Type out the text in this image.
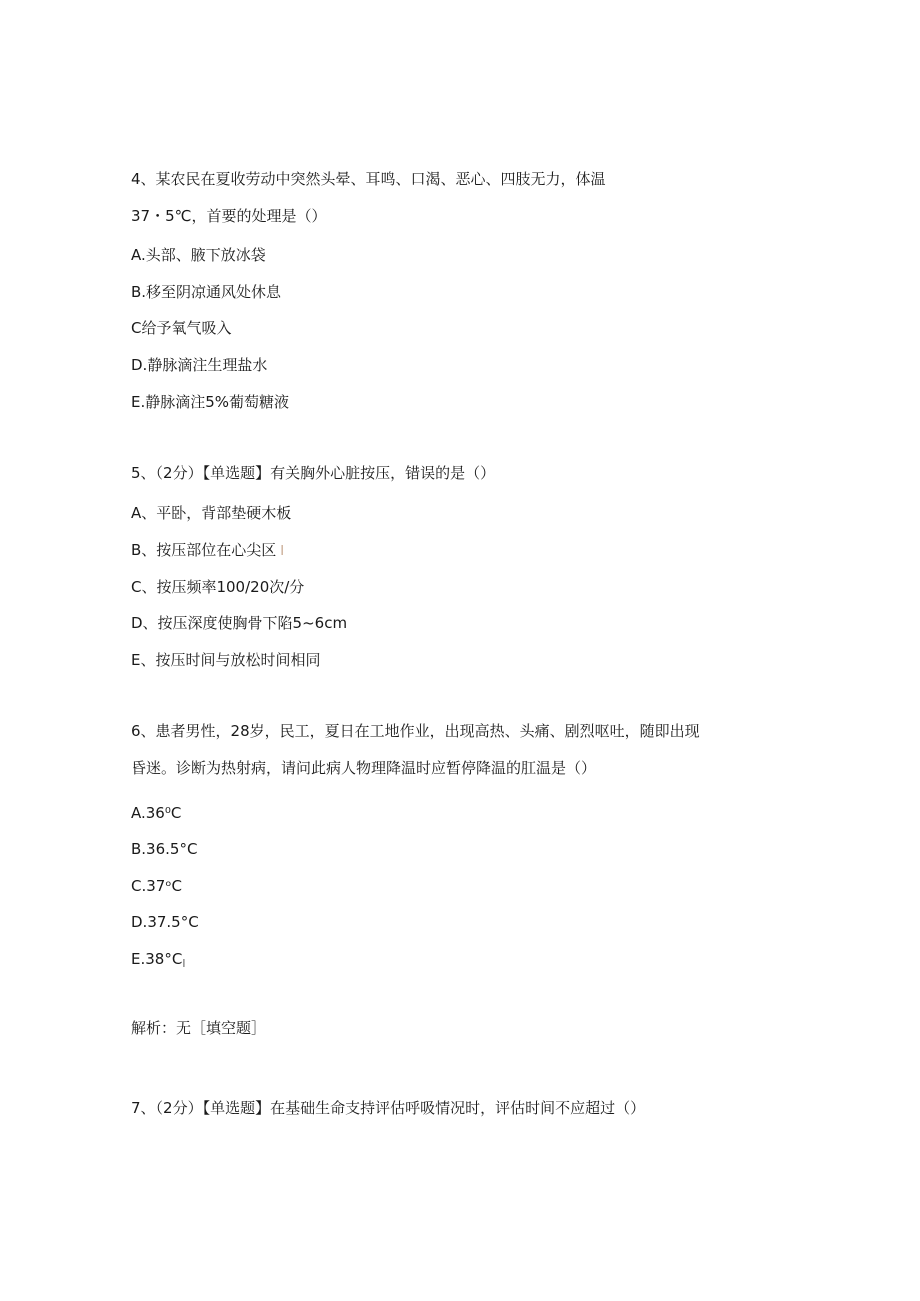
4、某农民在夏收劳动中突然头晕、耳鸣、口渴、恶心、四肢无力，体温
37・5℃，首要的处理是（）
A.头部、腋下放冰袋
B.移至阴凉通风处休息
C给予氧气吸入
D.静脉滴注生理盐水
E.静脉滴注5%葡萄糖液
5、（2分）【单选题】有关胸外心脏按压，错误的是（）
A、平卧，背部垫硬木板
B、按压部位在心尖区 I
C、按压频率100/20次/分
D、按压深度使胸骨下陷5~6cm
E、按压时间与放松时间相同
6、患者男性，28岁，民工，夏日在工地作业，出现高热、头痛、剧烈呕吐，随即出现
昏迷。诊断为热射病，请问此病人物理降温时应暂停降温的肛温是（）
A.36⁰C
B.36.5°C
C.37ᵒC
D.37.5°C
$E.38^\circ C_l$
解析：无［填空题］
7、（2分）【单选题】在基础生命支持评估呼吸情况时，评估时间不应超过（）
